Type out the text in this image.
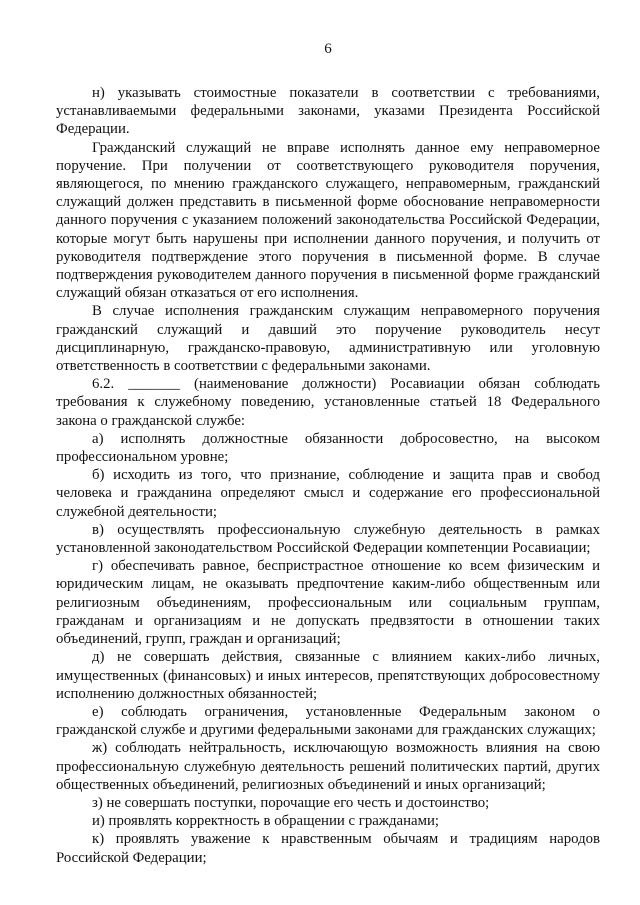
6

н) указывать стоимостные показатели в соответствии с требованиями, устанавливаемыми федеральными законами, указами Президента Российской Федерации.

Гражданский служащий не вправе исполнять данное ему неправомерное поручение. При получении от соответствующего руководителя поручения, являющегося, по мнению гражданского служащего, неправомерным, гражданский служащий должен представить в письменной форме обоснование неправомерности данного поручения с указанием положений законодательства Российской Федерации, которые могут быть нарушены при исполнении данного поручения, и получить от руководителя подтверждение этого поручения в письменной форме. В случае подтверждения руководителем данного поручения в письменной форме гражданский служащий обязан отказаться от его исполнения.

В случае исполнения гражданским служащим неправомерного поручения гражданский служащий и давший это поручение руководитель несут дисциплинарную, гражданско-правовую, административную или уголовную ответственность в соответствии с федеральными законами.

6.2. _______ (наименование должности) Росавиации обязан соблюдать требования к служебному поведению, установленные статьей 18 Федерального закона о гражданской службе:

а) исполнять должностные обязанности добросовестно, на высоком профессиональном уровне;

б) исходить из того, что признание, соблюдение и защита прав и свобод человека и гражданина определяют смысл и содержание его профессиональной служебной деятельности;

в) осуществлять профессиональную служебную деятельность в рамках установленной законодательством Российской Федерации компетенции Росавиации;

г) обеспечивать равное, беспристрастное отношение ко всем физическим и юридическим лицам, не оказывать предпочтение каким-либо общественным или религиозным объединениям, профессиональным или социальным группам, гражданам и организациям и не допускать предвзятости в отношении таких объединений, групп, граждан и организаций;

д) не совершать действия, связанные с влиянием каких-либо личных, имущественных (финансовых) и иных интересов, препятствующих добросовестному исполнению должностных обязанностей;

е) соблюдать ограничения, установленные Федеральным законом о гражданской службе и другими федеральными законами для гражданских служащих;

ж) соблюдать нейтральность, исключающую возможность влияния на свою профессиональную служебную деятельность решений политических партий, других общественных объединений, религиозных объединений и иных организаций;

з) не совершать поступки, порочащие его честь и достоинство;

и) проявлять корректность в обращении с гражданами;

к) проявлять уважение к нравственным обычаям и традициям народов Российской Федерации;
